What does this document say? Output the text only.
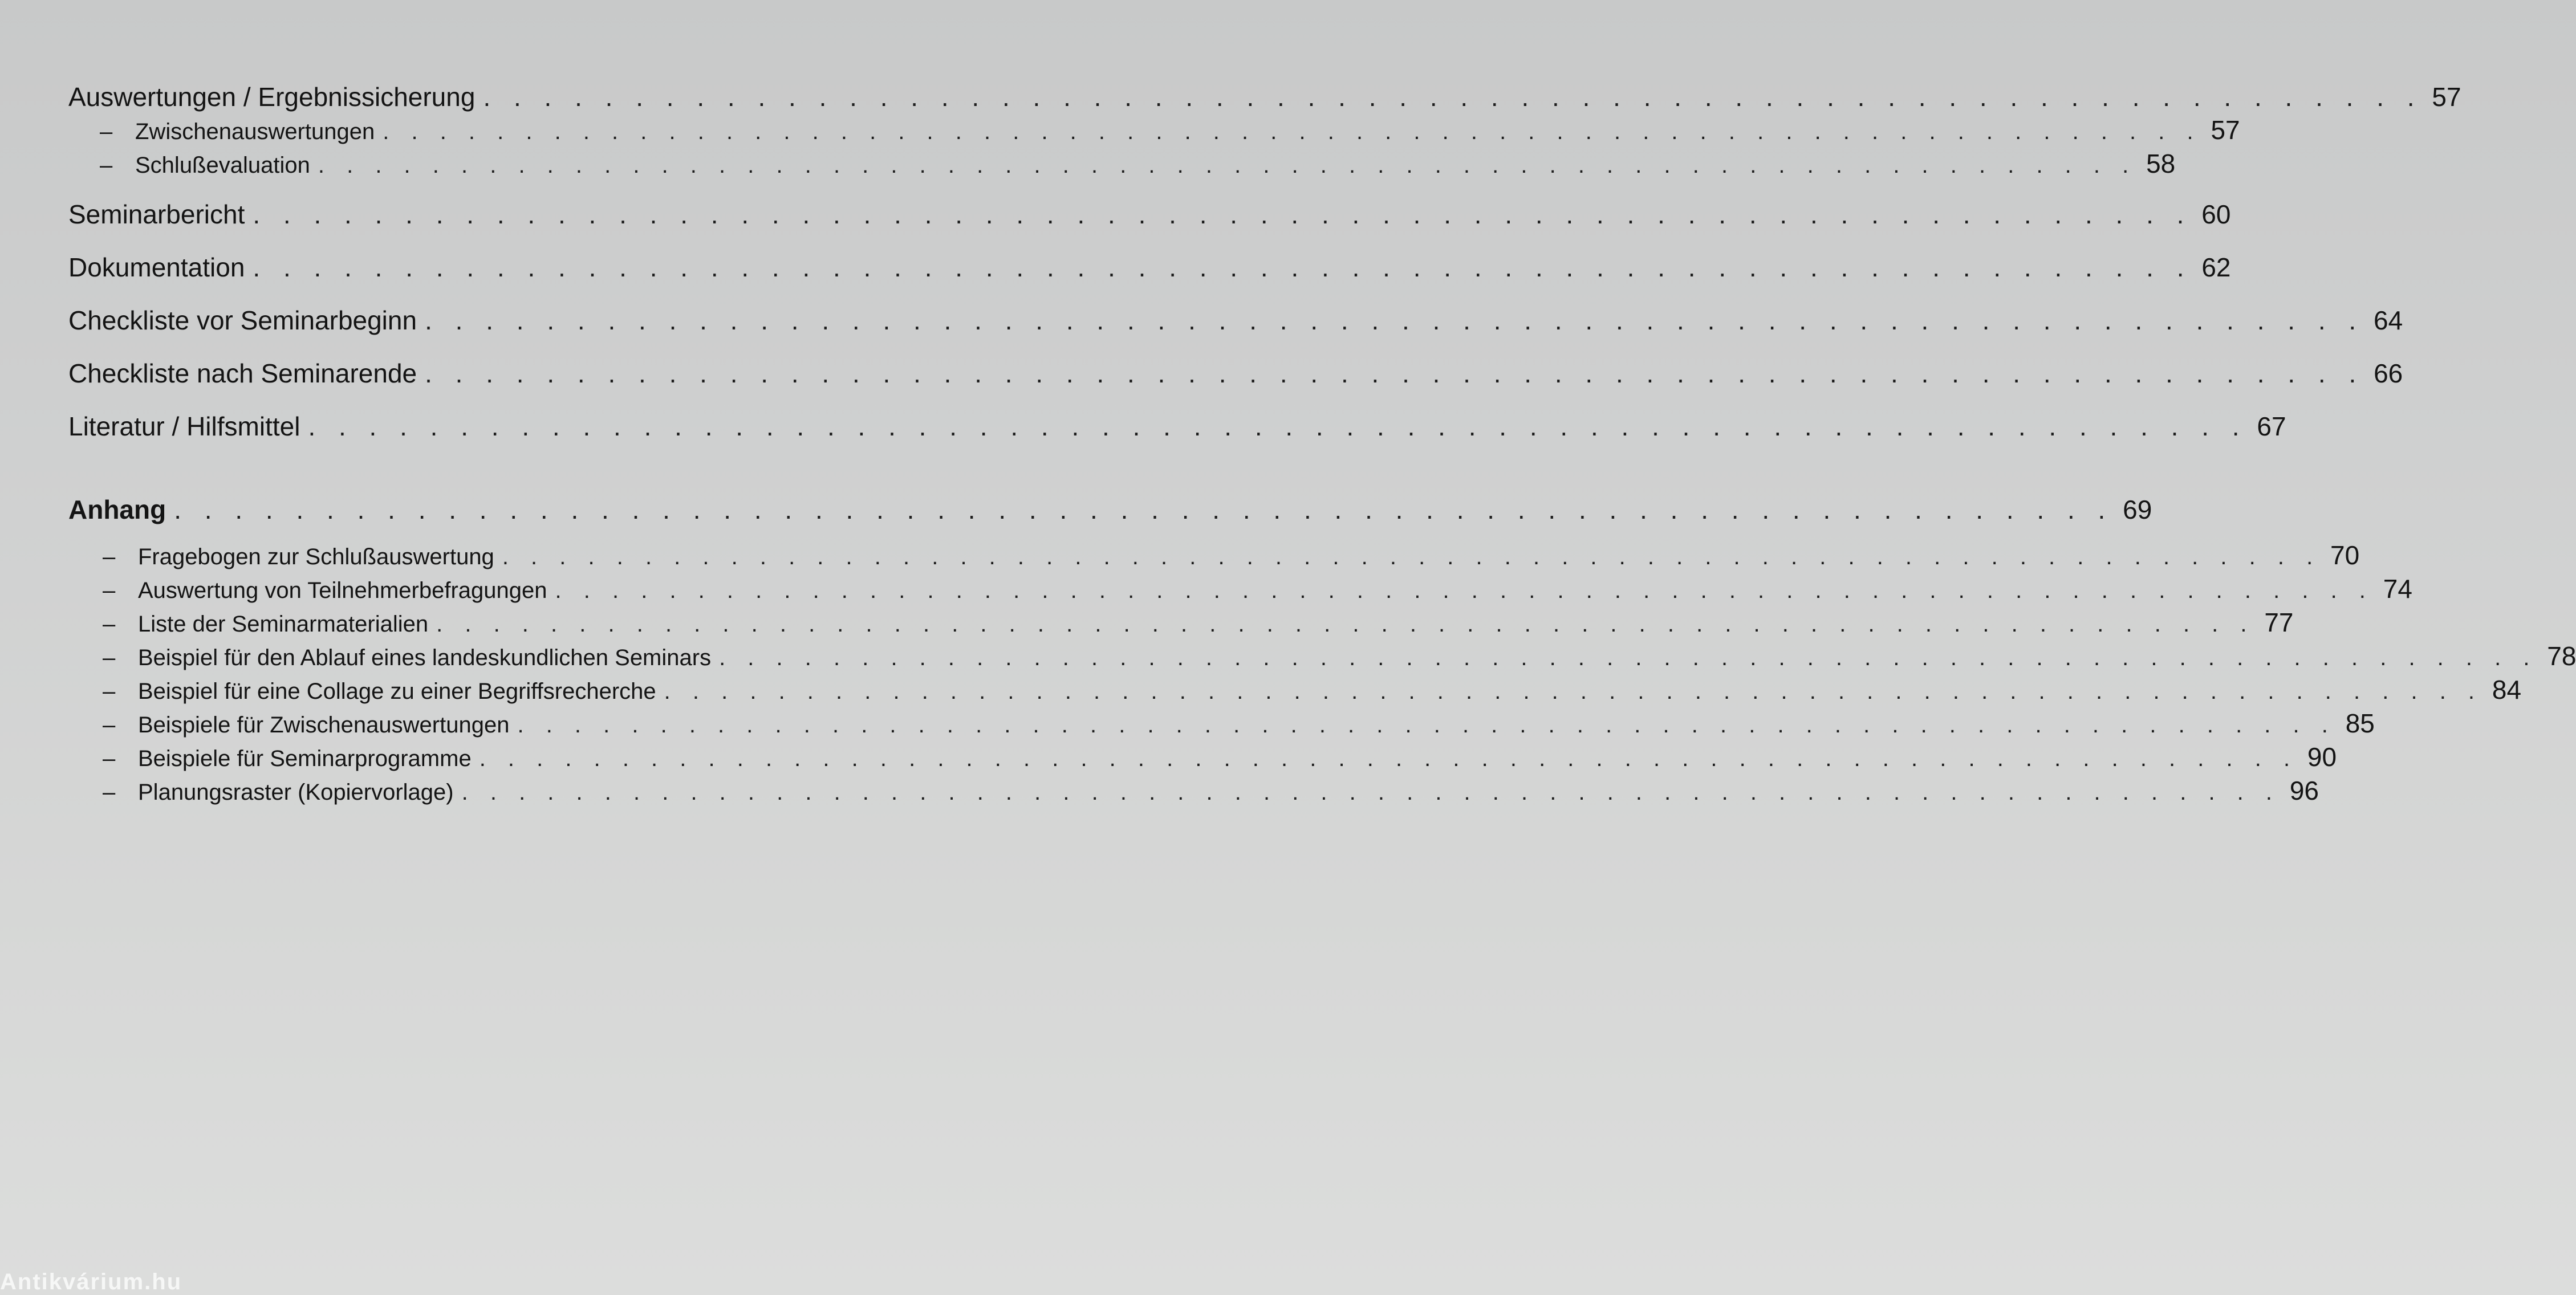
Auswertungen / Ergebnissicherung . . . . . . . . . . . . . . . . . . . . . . . . . . . . . . . . . . . . . . . . . . . . . . . . . . . . . . . . . . . . . . . . 57
– Zwischenauswertungen . . . . . . . . . . . . . . . . . . . . . . . . . . . . . . . . . . . . . . . . . . . . . . . . . . . . . . . . . . . . . . . . 57
– Schlußevaluation . . . . . . . . . . . . . . . . . . . . . . . . . . . . . . . . . . . . . . . . . . . . . . . . . . . . . . . . . . . . . . . . 58
Seminarbericht . . . . . . . . . . . . . . . . . . . . . . . . . . . . . . . . . . . . . . . . . . . . . . . . . . . . . . . . . . . . . . . . 60
Dokumentation . . . . . . . . . . . . . . . . . . . . . . . . . . . . . . . . . . . . . . . . . . . . . . . . . . . . . . . . . . . . . . . . 62
Checkliste vor Seminarbeginn . . . . . . . . . . . . . . . . . . . . . . . . . . . . . . . . . . . . . . . . . . . . . . . . . . . . . . . . . . . . . . . . 64
Checkliste nach Seminarende . . . . . . . . . . . . . . . . . . . . . . . . . . . . . . . . . . . . . . . . . . . . . . . . . . . . . . . . . . . . . . . . 66
Literatur / Hilfsmittel . . . . . . . . . . . . . . . . . . . . . . . . . . . . . . . . . . . . . . . . . . . . . . . . . . . . . . . . . . . . . . . . 67
Anhang . . . . . . . . . . . . . . . . . . . . . . . . . . . . . . . . . . . . . . . . . . . . . . . . . . . . . . . . . . . . . . . . 69
– Fragebogen zur Schlußauswertung . . . . . . . . . . . . . . . . . . . . . . . . . . . . . . . . . . . . . . . . . . . . . . . . . . . . . . . . . . . . . . . . 70
– Auswertung von Teilnehmerbefragungen . . . . . . . . . . . . . . . . . . . . . . . . . . . . . . . . . . . . . . . . . . . . . . . . . . . . . . . . . . . . . . . . 74
– Liste der Seminarmaterialien . . . . . . . . . . . . . . . . . . . . . . . . . . . . . . . . . . . . . . . . . . . . . . . . . . . . . . . . . . . . . . . . 77
– Beispiel für den Ablauf eines landeskundlichen Seminars . . . . . . . . . . . . . . . . . . . . . . . . . . . . . . . . . . . . . . . . . . . . . . . . . . . . . . . . . . . . . . . . 78
– Beispiel für eine Collage zu einer Begriffsrecherche . . . . . . . . . . . . . . . . . . . . . . . . . . . . . . . . . . . . . . . . . . . . . . . . . . . . . . . . . . . . . . . . 84
– Beispiele für Zwischenauswertungen . . . . . . . . . . . . . . . . . . . . . . . . . . . . . . . . . . . . . . . . . . . . . . . . . . . . . . . . . . . . . . . . 85
– Beispiele für Seminarprogramme . . . . . . . . . . . . . . . . . . . . . . . . . . . . . . . . . . . . . . . . . . . . . . . . . . . . . . . . . . . . . . . . 90
– Planungsraster (Kopiervorlage) . . . . . . . . . . . . . . . . . . . . . . . . . . . . . . . . . . . . . . . . . . . . . . . . . . . . . . . . . . . . . . . . 96
Antikvárium.hu
